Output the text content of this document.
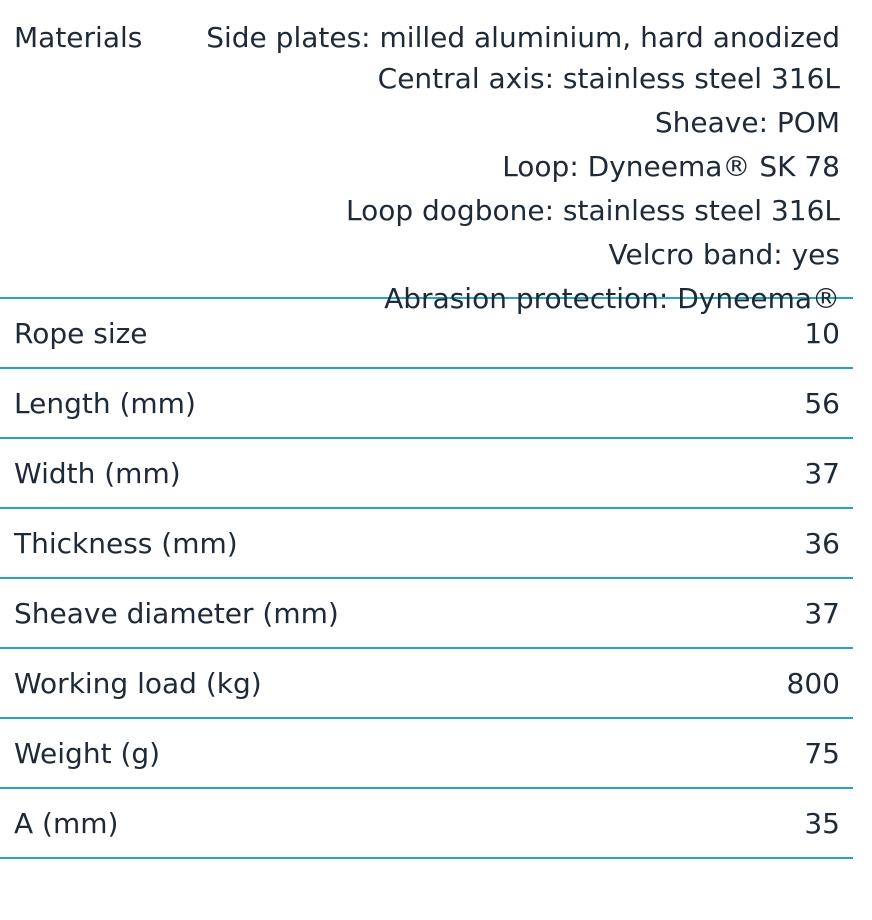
Materials Side plates: milled aluminium, hard anodized
Central axis: stainless steel 316L
Sheave: POM
Loop: Dyneema® SK 78
Loop dogbone: stainless steel 316L
Velcro band: yes
Abrasion protection: Dyneema®
Rope size	10
Length (mm)	56
Width (mm)	37
Thickness (mm)	36
Sheave diameter (mm)	37
Working load (kg)	800
Weight (g)	75
A (mm)	35
